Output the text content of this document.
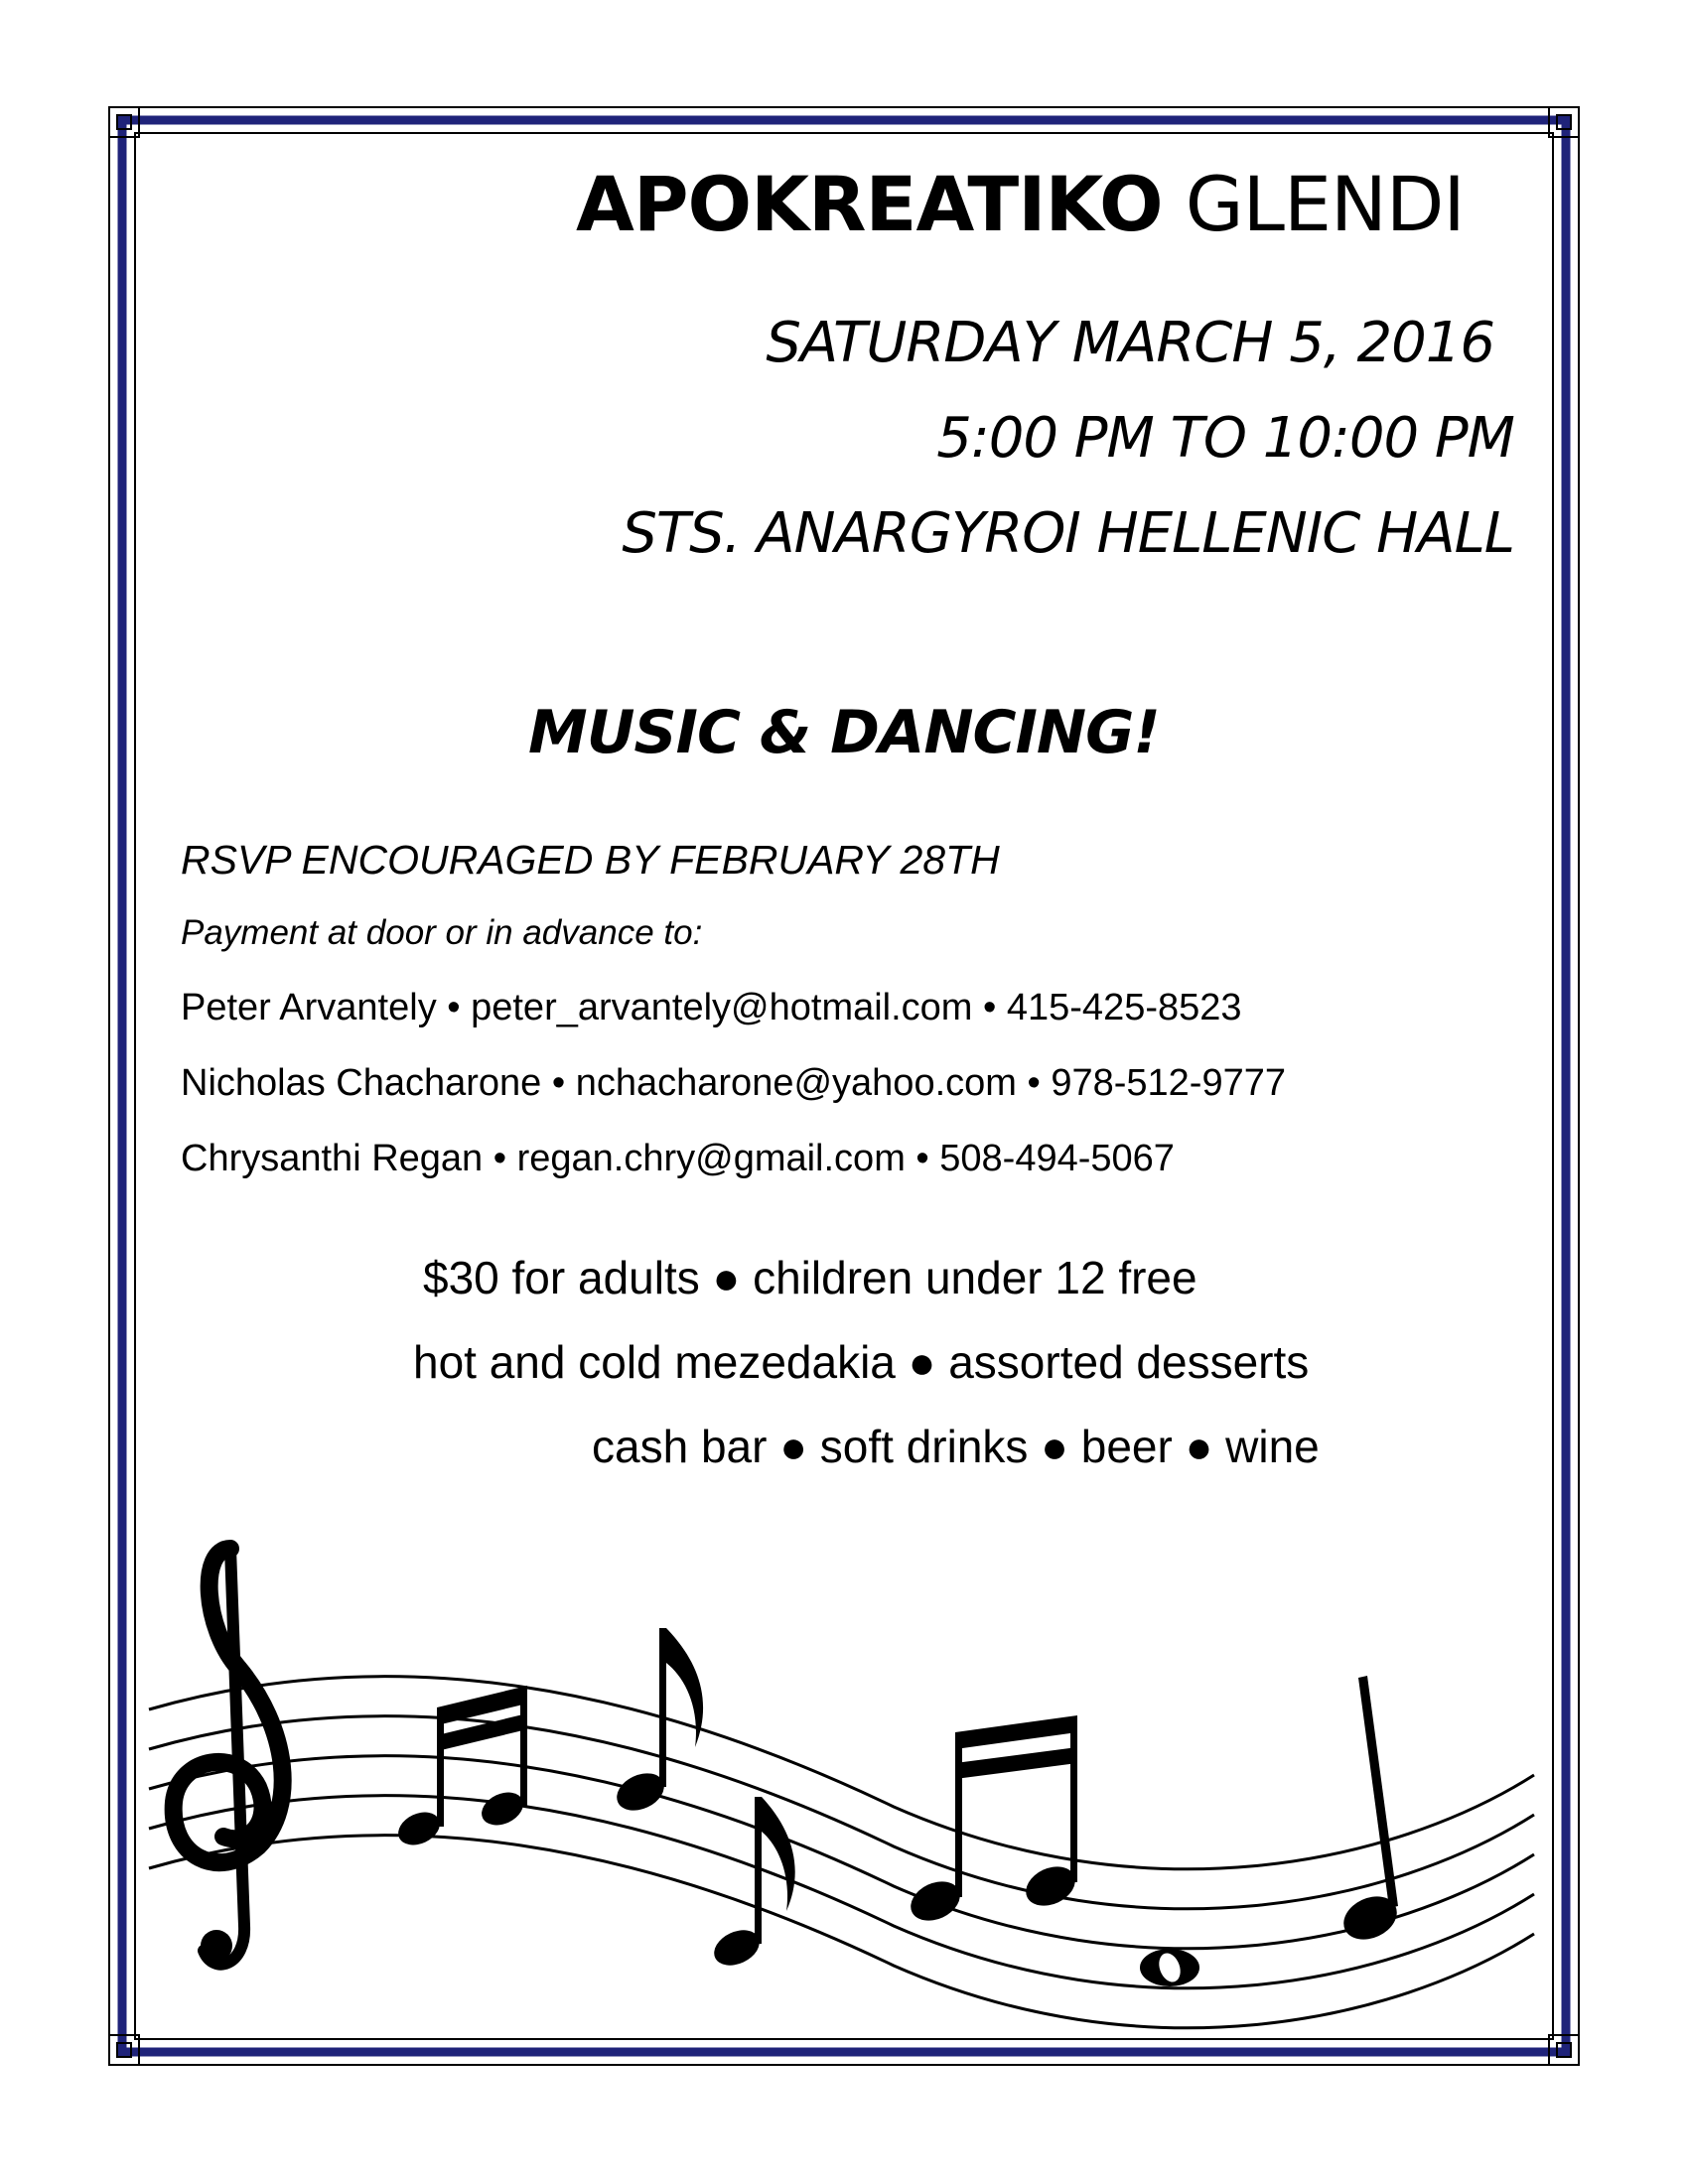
APOKREATIKO GLENDI
SATURDAY MARCH 5, 2016
5:00 PM TO 10:00 PM
STS. ANARGYROI HELLENIC HALL
MUSIC & DANCING!
RSVP ENCOURAGED BY FEBRUARY 28TH
Payment at door or in advance to:
Peter Arvantely • peter_arvantely@hotmail.com • 415-425-8523
Nicholas Chacharone • nchacharone@yahoo.com • 978-512-9777
Chrysanthi Regan • regan.chry@gmail.com • 508-494-5067
$30 for adults ● children under 12 free
hot and cold mezedakia ● assorted desserts
cash bar ● soft drinks ● beer ● wine
